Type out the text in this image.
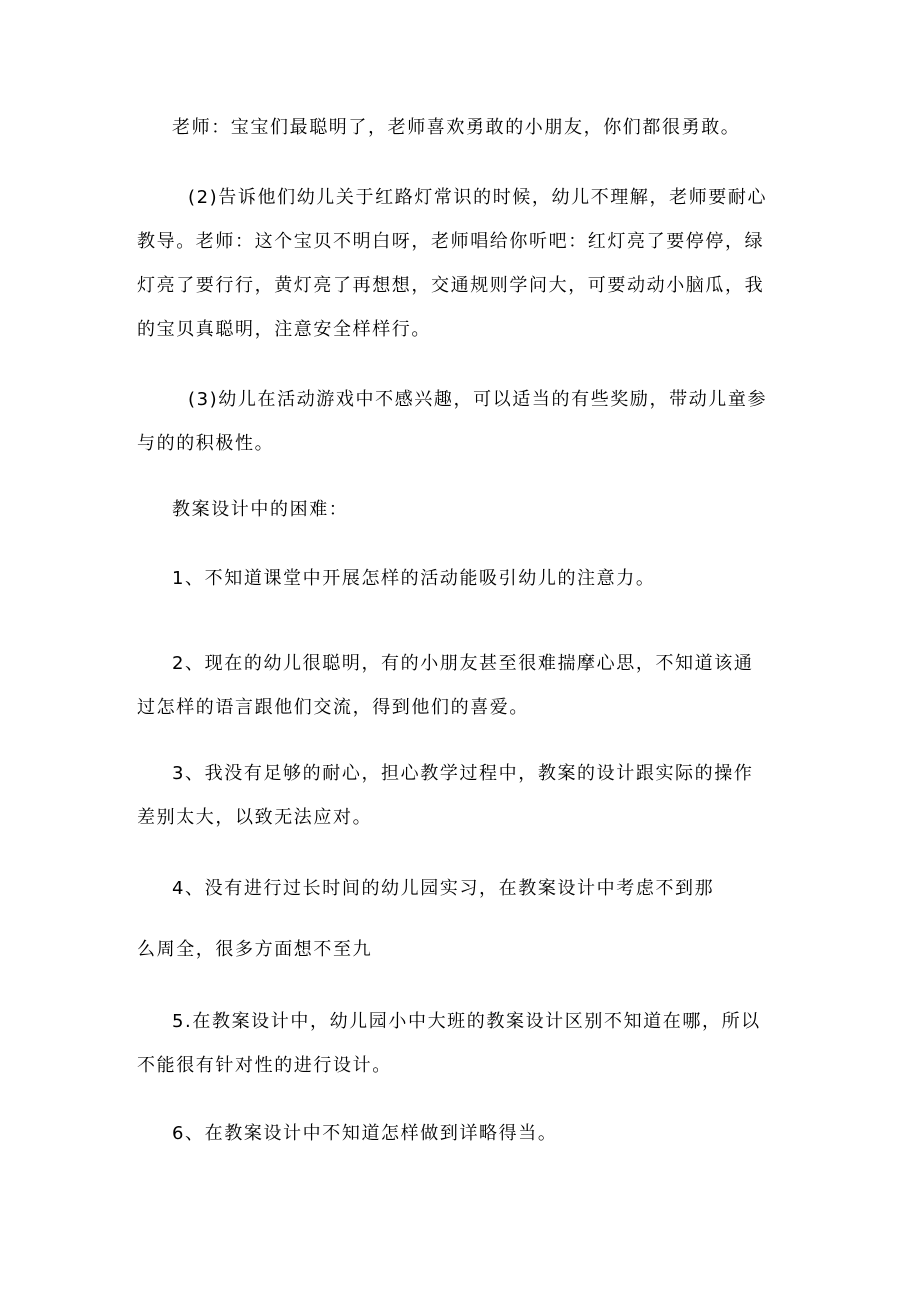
老师：宝宝们最聪明了，老师喜欢勇敢的小朋友，你们都很勇敢。

(2)告诉他们幼儿关于红路灯常识的时候，幼儿不理解，老师要耐心
教导。老师：这个宝贝不明白呀，老师唱给你听吧：红灯亮了要停停，绿
灯亮了要行行，黄灯亮了再想想，交通规则学问大，可要动动小脑瓜，我
的宝贝真聪明，注意安全样样行。

(3)幼儿在活动游戏中不感兴趣，可以适当的有些奖励，带动儿童参
与的的积极性。

教案设计中的困难：

1、不知道课堂中开展怎样的活动能吸引幼儿的注意力。

2、现在的幼儿很聪明，有的小朋友甚至很难揣摩心思，不知道该通
过怎样的语言跟他们交流，得到他们的喜爱。

3、我没有足够的耐心，担心教学过程中，教案的设计跟实际的操作
差别太大，以致无法应对。

4、没有进行过长时间的幼儿园实习，在教案设计中考虑不到那

么周全，很多方面想不至九

5.在教案设计中，幼儿园小中大班的教案设计区别不知道在哪，所以
不能很有针对性的进行设计。

6、在教案设计中不知道怎样做到详略得当。
